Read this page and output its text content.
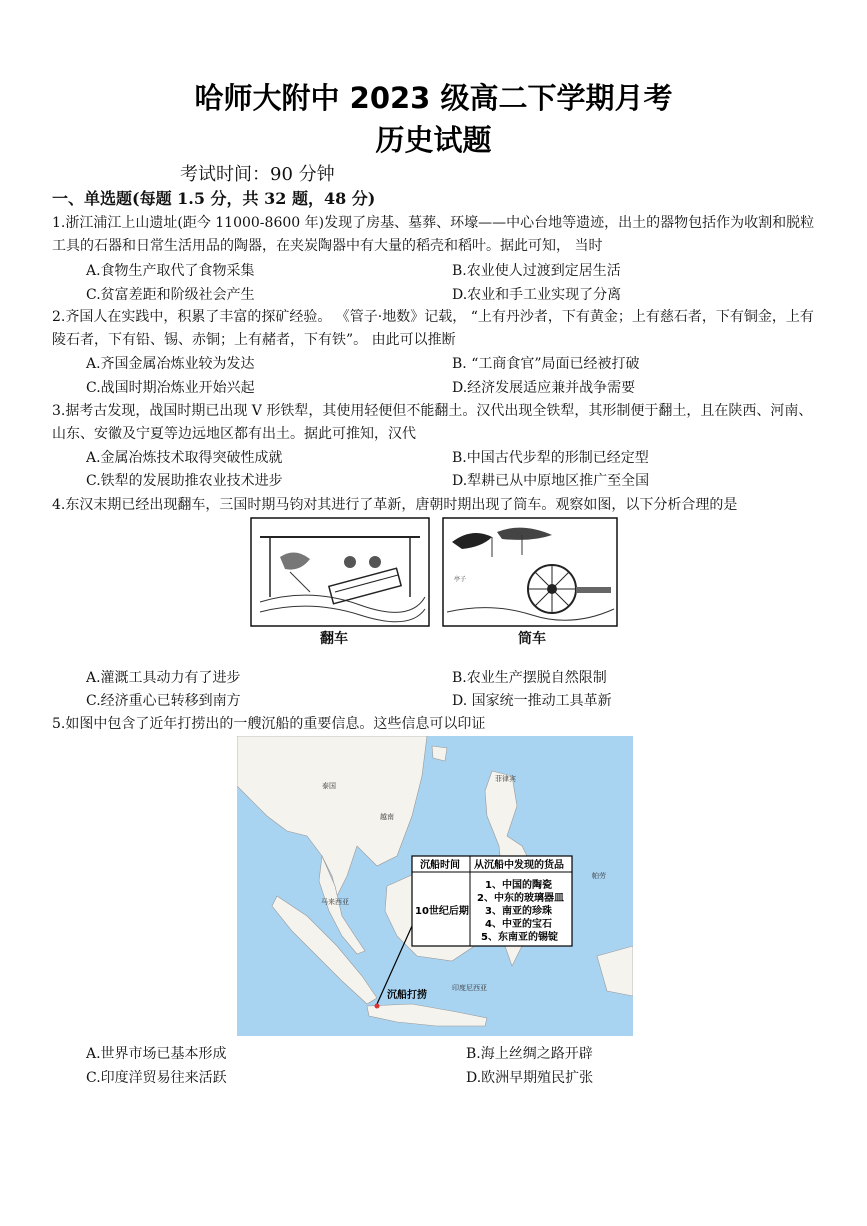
哈师大附中 2023 级高二下学期月考
历史试题
考试时间：90 分钟
一、单选题(每题 1.5 分，共 32 题，48 分)
1.浙江浦江上山遗址(距今 11000-8600 年)发现了房基、墓葬、环壕——中心台地等遗迹，出土的器物包括作为收割和脱粒工具的石器和日常生活用品的陶器，在夹炭陶器中有大量的稻壳和稻叶。据此可知， 当时
A.食物生产取代了食物采集	B.农业使人过渡到定居生活
C.贫富差距和阶级社会产生	D.农业和手工业实现了分离
2.齐国人在实践中，积累了丰富的探矿经验。 《管子·地数》记载， “上有丹沙者，下有黄金；上有慈石者，下有铜金，上有陵石者，下有铅、锡、赤铜；上有赭者，下有铁”。 由此可以推断
A.齐国金属冶炼业较为发达	B. “工商食官”局面已经被打破
C.战国时期冶炼业开始兴起	D.经济发展适应兼并战争需要
3.据考古发现，战国时期已出现 V 形铁犁，其使用轻便但不能翻土。汉代出现全铁犁，其形制便于翻土，且在陕西、河南、山东、安徽及宁夏等边远地区都有出土。据此可推知，汉代
A.金属冶炼技术取得突破性成就	B.中国古代步犁的形制已经定型
C.铁犁的发展助推农业技术进步	D.犁耕已从中原地区推广至全国
4.东汉末期已经出现翻车，三国时期马钧对其进行了革新，唐朝时期出现了筒车。观察如图，以下分析合理的是
翻车
亭子
筒车
A.灌溉工具动力有了进步	B.农业生产摆脱自然限制
C.经济重心已转移到南方	D. 国家统一推动工具革新
5.如图中包含了近年打捞出的一艘沉船的重要信息。这些信息可以印证
泰国
越南
马来西亚
菲律宾
印度尼西亚
帕劳
沉船时间 从沉船中发现的货品
10世纪后期
1、中国的陶瓷
2、中东的玻璃器皿
3、南亚的珍珠
4、中亚的宝石
5、东南亚的锡锭
沉船打捞
A.世界市场已基本形成	B.海上丝绸之路开辟
C.印度洋贸易往来活跃	D.欧洲早期殖民扩张
